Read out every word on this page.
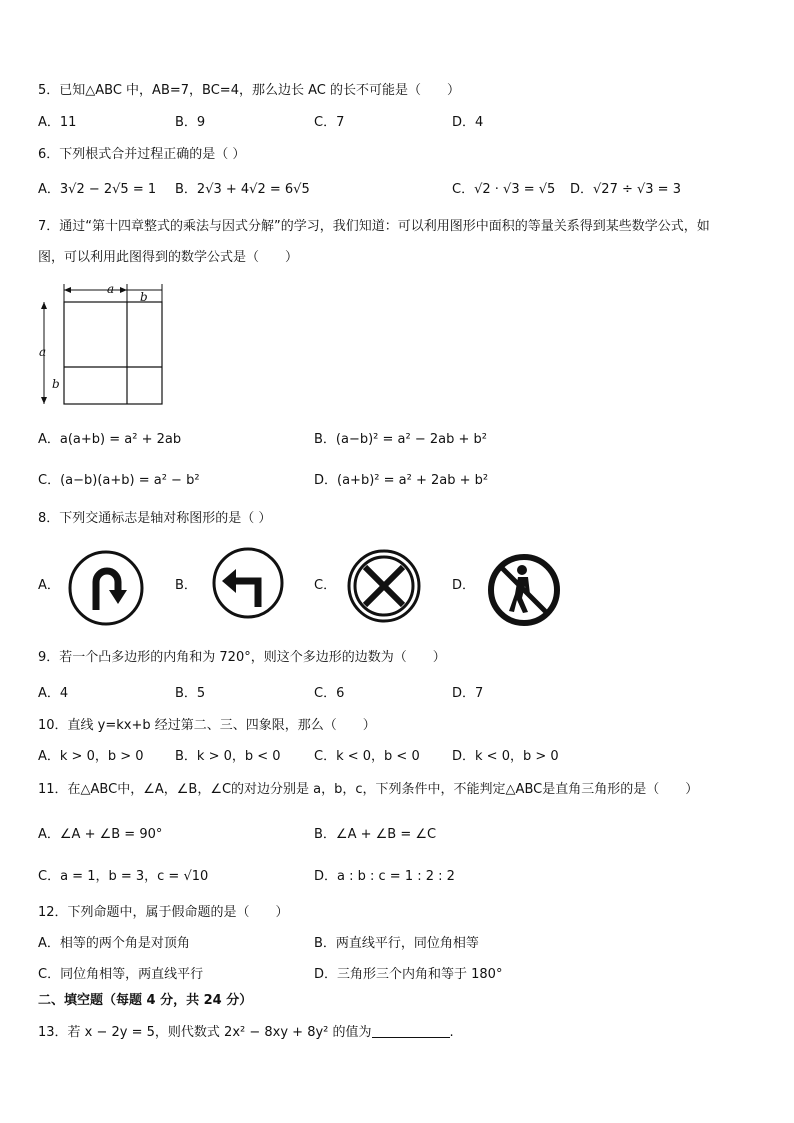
5．已知△ABC 中，AB=7，BC=4，那么边长 AC 的长不可能是（　　）
A．11	B．9	C．7	D．4
6．下列根式合并过程正确的是（ ）
A．3√2 − 2√5 = 1 B．2√3 + 4√2 = 6√5	C．√2 · √3 = √5 D．√27 ÷ √3 = 3
7．通过“第十四章整式的乘法与因式分解”的学习，我们知道：可以利用图形中面积的等量关系得到某些数学公式，如
图，可以利用此图得到的数学公式是（　　）
a
b
a
b
A．a(a+b) = a² + 2ab	B．(a−b)² = a² − 2ab + b²
C．(a−b)(a+b) = a² − b²	D．(a+b)² = a² + 2ab + b²
8．下列交通标志是轴对称图形的是（ ）
A．	B．	C．	D．
9．若一个凸多边形的内角和为 720°，则这个多边形的边数为（　　）
A．4	B．5	C．6	D．7
10．直线 y=kx+b 经过第二、三、四象限，那么（　　）
A．k > 0，b > 0 B．k > 0，b < 0	C．k < 0，b < 0 D．k < 0，b > 0
11．在△ABC中，∠A，∠B，∠C的对边分别是 a，b，c，下列条件中，不能判定△ABC是直角三角形的是（　　）
A．∠A + ∠B = 90°	B．∠A + ∠B = ∠C
C．a = 1，b = 3，c = √10	D．a : b : c = 1 : 2 : 2
12．下列命题中，属于假命题的是（　　）
A．相等的两个角是对顶角	B．两直线平行，同位角相等
C．同位角相等，两直线平行	D．三角形三个内角和等于 180°
二、填空题（每题 4 分，共 24 分）
13．若 x − 2y = 5，则代数式 2x² − 8xy + 8y² 的值为	.
